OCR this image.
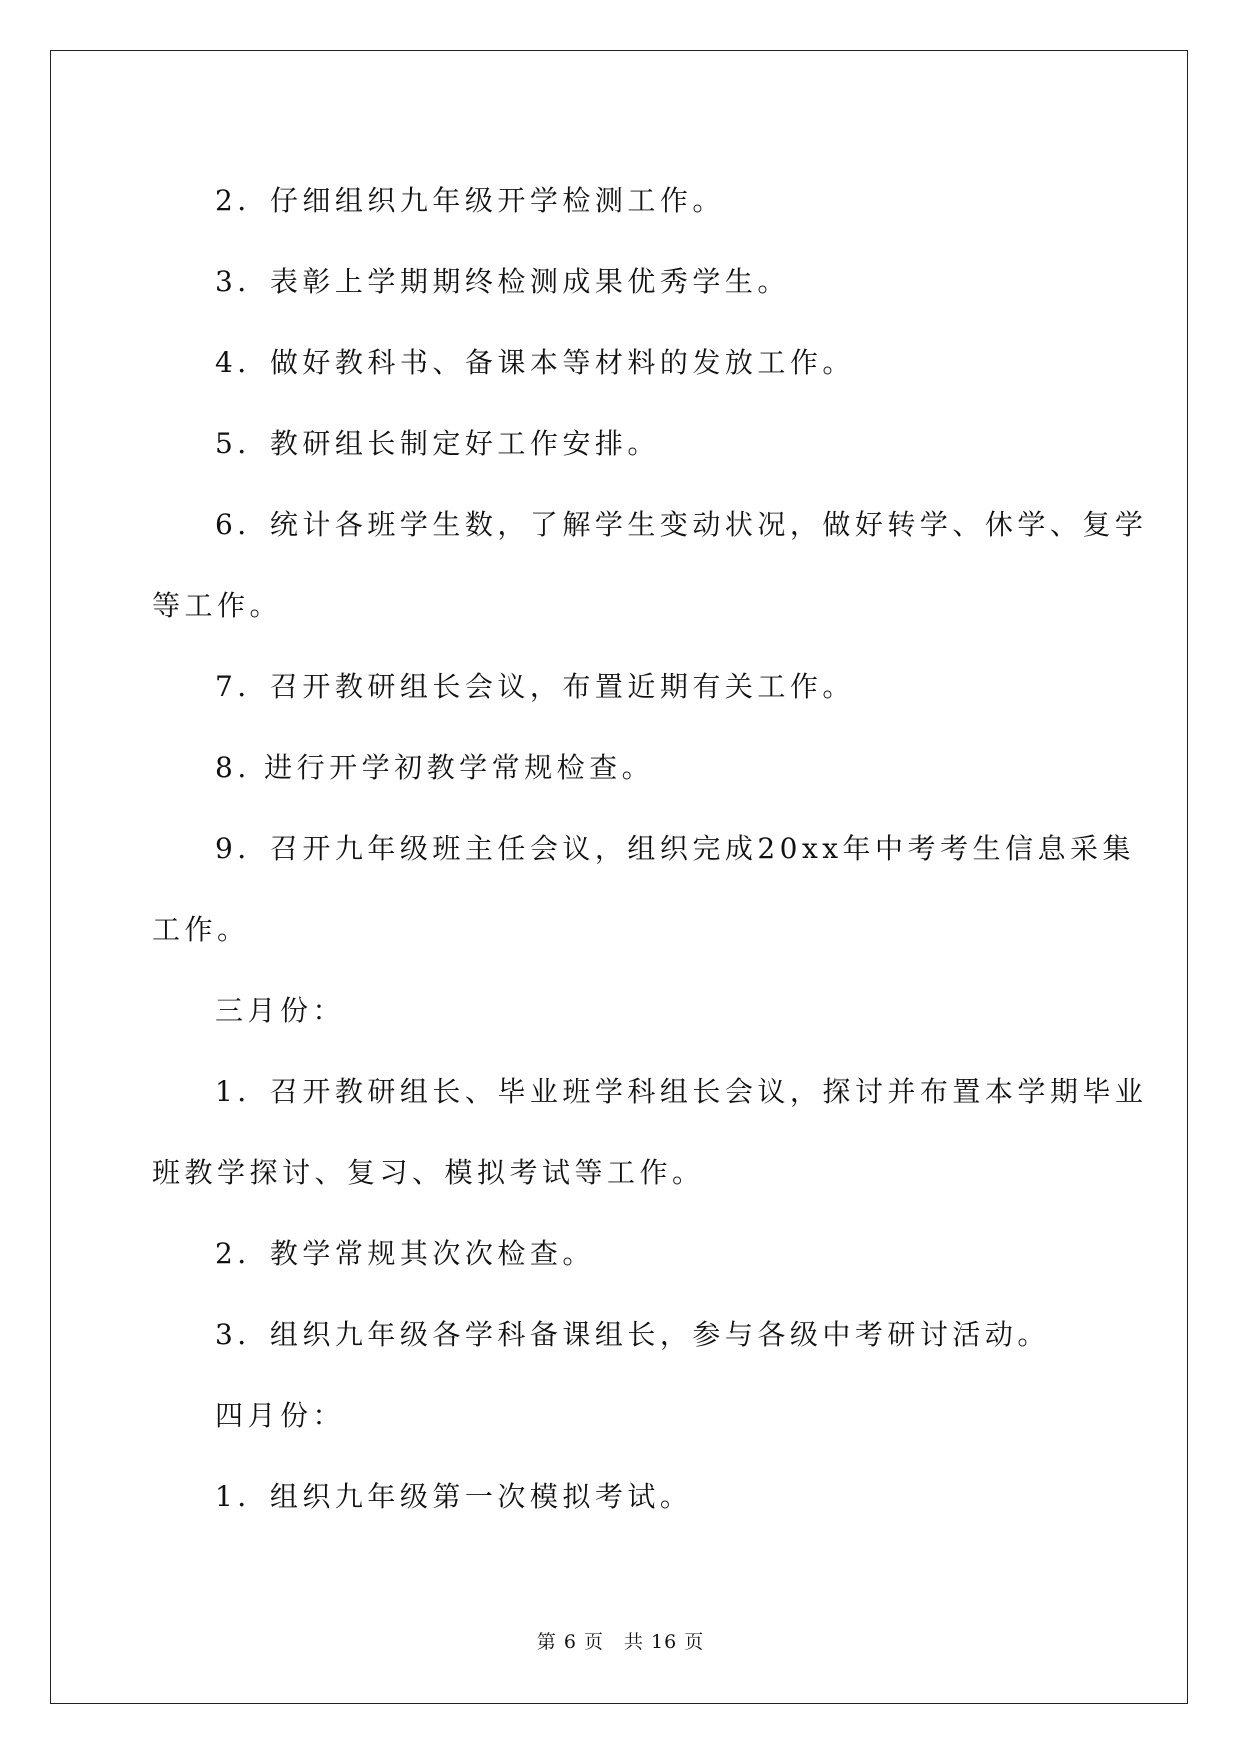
2．仔细组织九年级开学检测工作。

3．表彰上学期期终检测成果优秀学生。

4．做好教科书、备课本等材料的发放工作。

5．教研组长制定好工作安排。

6．统计各班学生数，了解学生变动状况，做好转学、休学、复学

等工作。

7．召开教研组长会议，布置近期有关工作。

8. 进行开学初教学常规检查。

9．召开九年级班主任会议，组织完成20xx年中考考生信息采集

工作。

三月份：

1．召开教研组长、毕业班学科组长会议，探讨并布置本学期毕业

班教学探讨、复习、模拟考试等工作。

2．教学常规其次次检查。

3．组织九年级各学科备课组长，参与各级中考研讨活动。

四月份：

1．组织九年级第一次模拟考试。

第 6 页　共 16 页
